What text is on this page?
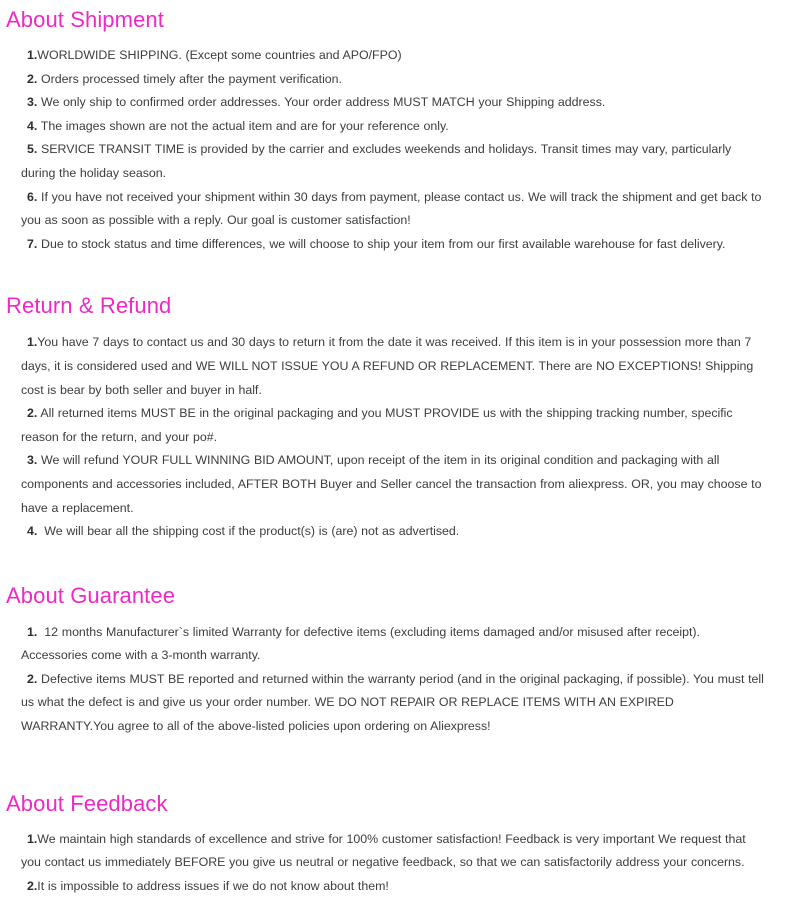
About Shipment
1.WORLDWIDE SHIPPING. (Except some countries and APO/FPO)
2. Orders processed timely after the payment verification.
3. We only ship to confirmed order addresses. Your order address MUST MATCH your Shipping address.
4. The images shown are not the actual item and are for your reference only.
5. SERVICE TRANSIT TIME is provided by the carrier and excludes weekends and holidays. Transit times may vary, particularly during the holiday season.
6. If you have not received your shipment within 30 days from payment, please contact us. We will track the shipment and get back to you as soon as possible with a reply. Our goal is customer satisfaction!
7. Due to stock status and time differences, we will choose to ship your item from our first available warehouse for fast delivery.
Return & Refund
1.You have 7 days to contact us and 30 days to return it from the date it was received. If this item is in your possession more than 7 days, it is considered used and WE WILL NOT ISSUE YOU A REFUND OR REPLACEMENT. There are NO EXCEPTIONS! Shipping cost is bear by both seller and buyer in half.
2. All returned items MUST BE in the original packaging and you MUST PROVIDE us with the shipping tracking number, specific reason for the return, and your po#.
3. We will refund YOUR FULL WINNING BID AMOUNT, upon receipt of the item in its original condition and packaging with all components and accessories included, AFTER BOTH Buyer and Seller cancel the transaction from aliexpress. OR, you may choose to have a replacement.
4. We will bear all the shipping cost if the product(s) is (are) not as advertised.
About Guarantee
1. 12 months Manufacturer`s limited Warranty for defective items (excluding items damaged and/or misused after receipt). Accessories come with a 3-month warranty.
2. Defective items MUST BE reported and returned within the warranty period (and in the original packaging, if possible). You must tell us what the defect is and give us your order number. WE DO NOT REPAIR OR REPLACE ITEMS WITH AN EXPIRED WARRANTY.You agree to all of the above-listed policies upon ordering on Aliexpress!
About Feedback
1.We maintain high standards of excellence and strive for 100% customer satisfaction! Feedback is very important We request that you contact us immediately BEFORE you give us neutral or negative feedback, so that we can satisfactorily address your concerns.
2.It is impossible to address issues if we do not know about them!
